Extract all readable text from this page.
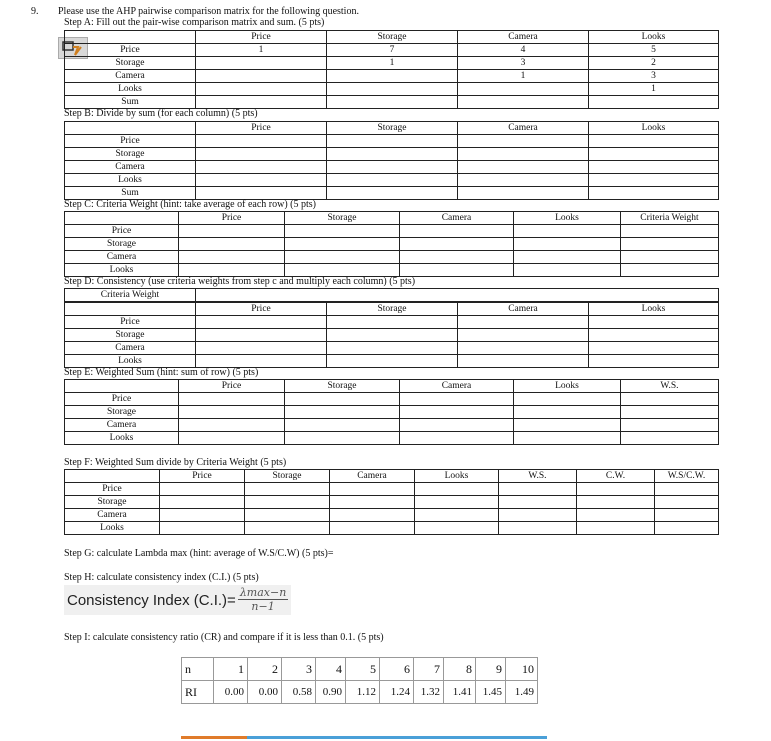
9. Please use the AHP pairwise comparison matrix for the following question.
Step A: Fill out the pair-wise comparison matrix and sum. (5 pts)
	Price	Storage	Camera	Looks
Price	1	7	4	5
Storage		1	3	2
Camera			1	3
Looks				1
Sum				
Step B: Divide by sum (for each column) (5 pts)
	Price	Storage	Camera	Looks
Price				
Storage				
Camera				
Looks				
Sum				
Step C: Criteria Weight (hint: take average of each row) (5 pts)
	Price	Storage	Camera	Looks	Criteria Weight
Price					
Storage					
Camera					
Looks					
Step D: Consistency (use criteria weights from step c and multiply each column) (5 pts)
Criteria Weight	
	Price	Storage	Camera	Looks
Price				
Storage				
Camera				
Looks				
Step E: Weighted Sum (hint: sum of row) (5 pts)
	Price	Storage	Camera	Looks	W.S.
Price					
Storage					
Camera					
Looks					
Step F: Weighted Sum divide by Criteria Weight (5 pts)
	Price	Storage	Camera	Looks	W.S.	C.W.	W.S/C.W.
Price							
Storage							
Camera							
Looks							
Step G: calculate Lambda max (hint: average of W.S/C.W) (5 pts)=
Step H: calculate consistency index (C.I.) (5 pts)
Consistency Index $(C.I.)= \frac{\lambda\max-n}{n-1}$
Step I: calculate consistency ratio (CR) and compare if it is less than 0.1. (5 pts)
n	1	2	3	4	5	6	7	8	9	10
RI	0.00	0.00	0.58	0.90	1.12	1.24	1.32	1.41	1.45	1.49
